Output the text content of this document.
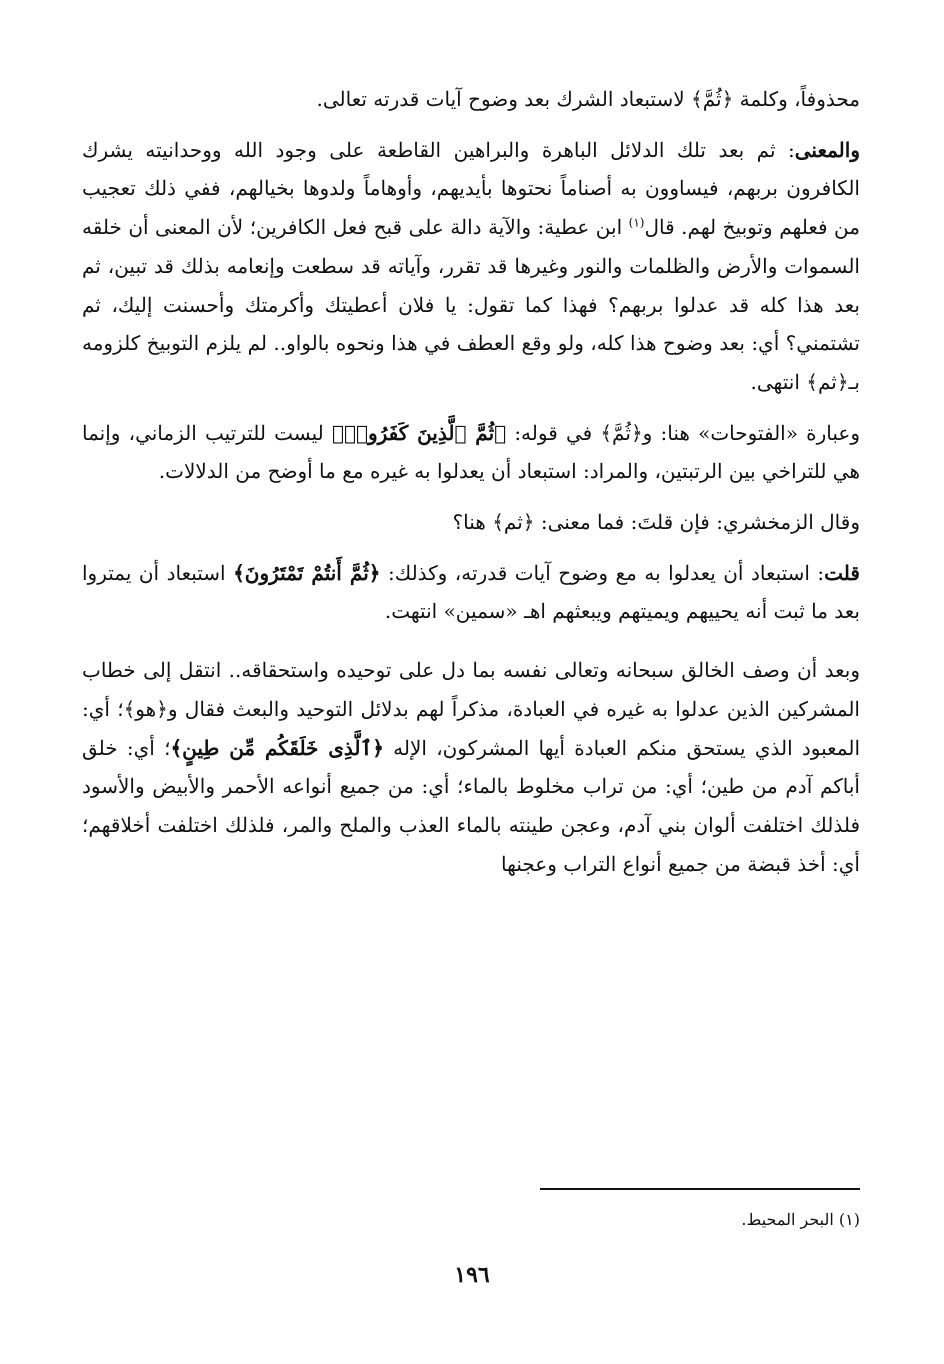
محذوفاً، وكلمة ﴿ثُمَّ﴾ لاستبعاد الشرك بعد وضوح آيات قدرته تعالى.

والمعنى: ثم بعد تلك الدلائل الباهرة والبراهين القاطعة على وجود الله ووحدانيته يشرك الكافرون بربهم، فيساوون به أصناماً نحتوها بأيديهم، وأوهاماً ولدوها بخيالهم، ففي ذلك تعجيب من فعلهم وتوبيخ لهم. قال$^{(١)}$ ابن عطية: والآية دالة على قبح فعل الكافرين؛ لأن المعنى أن خلقه السموات والأرض والظلمات والنور وغيرها قد تقرر، وآياته قد سطعت وإنعامه بذلك قد تبين، ثم بعد هذا كله قد عدلوا بربهم؟ فهذا كما تقول: يا فلان أعطيتك وأكرمتك وأحسنت إليك، ثم تشتمني؟ أي: بعد وضوح هذا كله، ولو وقع العطف في هذا ونحوه بالواو.. لم يلزم التوبيخ كلزومه بـ﴿ثم﴾ انتهى.

وعبارة «الفتوحات» هنا: و﴿ثُمَّ﴾ في قوله: ﴿ثُمَّ ٱلَّذِينَ كَفَرُوا۟﴾ ليست للترتيب الزماني، وإنما هي للتراخي بين الرتبتين، والمراد: استبعاد أن يعدلوا به غيره مع ما أوضح من الدلالات.

وقال الزمخشري: فإن قلتَ: فما معنى: ﴿ثم﴾ هنا؟

قلت: استبعاد أن يعدلوا به مع وضوح آيات قدرته، وكذلك: ﴿ثُمَّ أَنتُمْ تَمْتَرُونَ﴾ استبعاد أن يمتروا بعد ما ثبت أنه يحييهم ويميتهم ويبعثهم اهـ «سمين» انتهت.

وبعد أن وصف الخالق سبحانه وتعالى نفسه بما دل على توحيده واستحقاقه.. انتقل إلى خطاب المشركين الذين عدلوا به غيره في العبادة، مذكراً لهم بدلائل التوحيد والبعث فقال و﴿هو﴾؛ أي: المعبود الذي يستحق منكم العبادة أيها المشركون، الإله ﴿ٱلَّذِى خَلَقَكُم مِّن طِينٍ﴾؛ أي: خلق أباكم آدم من طين؛ أي: من تراب مخلوط بالماء؛ أي: من جميع أنواعه الأحمر والأبيض والأسود فلذلك اختلفت ألوان بني آدم، وعجن طينته بالماء العذب والملح والمر، فلذلك اختلفت أخلاقهم؛ أي: أخذ قبضة من جميع أنواع التراب وعجنها

(١) البحر المحيط.
١٩٦
